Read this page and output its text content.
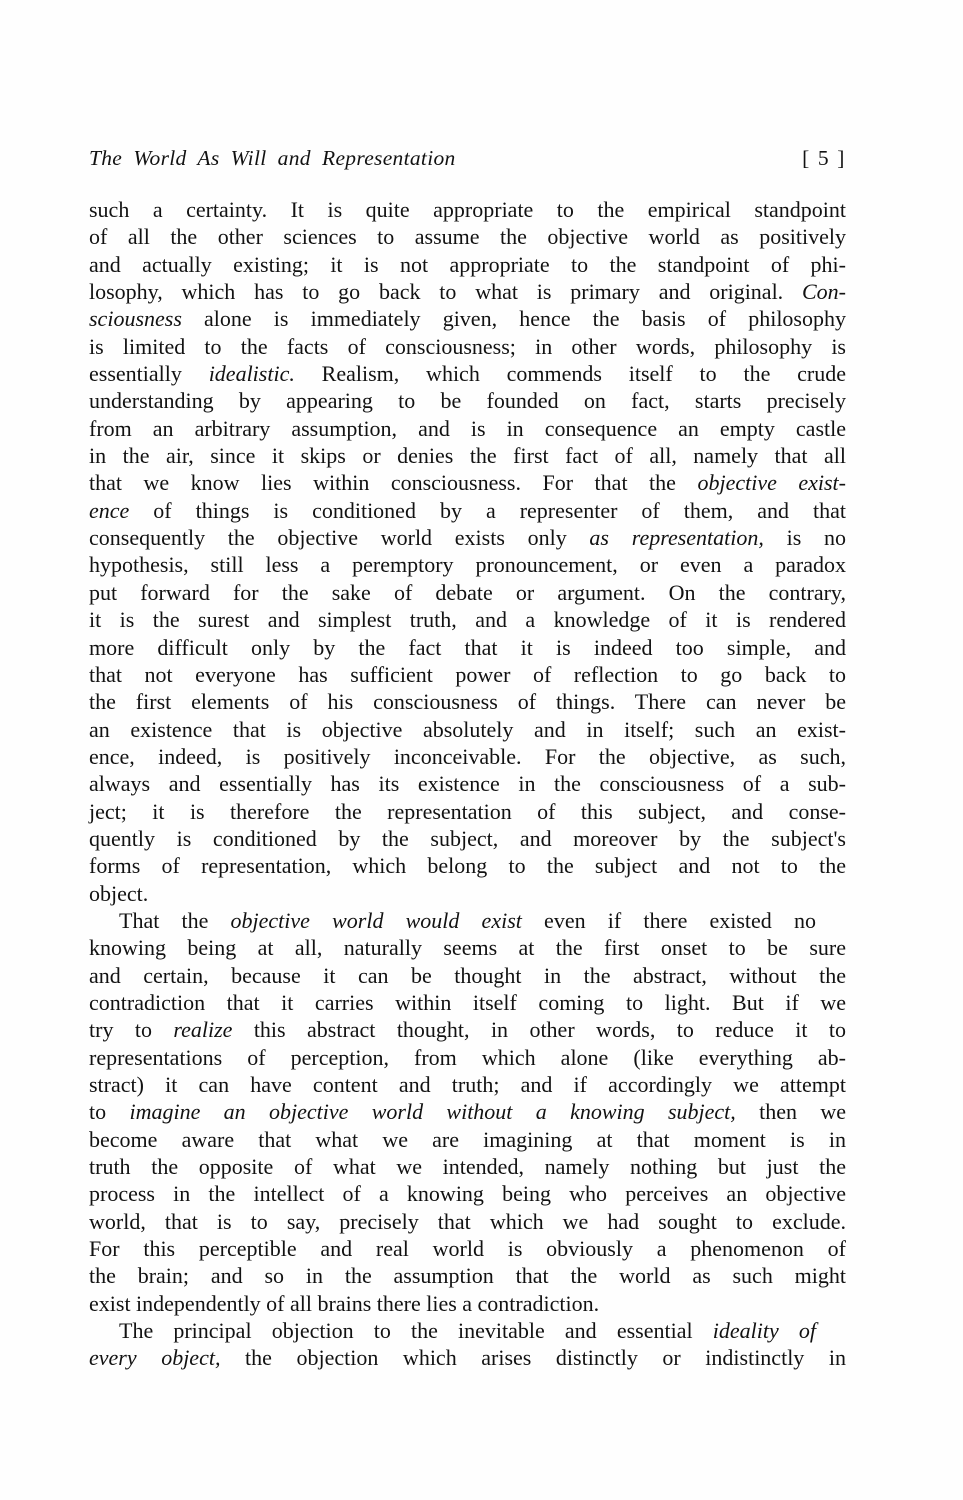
The World As Will and Representation	[ 5 ]
such a certainty. It is quite appropriate to the empirical standpoint
of all the other sciences to assume the objective world as positively
and actually existing; it is not appropriate to the standpoint of phi-
losophy, which has to go back to what is primary and original. Con-
sciousness alone is immediately given, hence the basis of philosophy
is limited to the facts of consciousness; in other words, philosophy is
essentially idealistic. Realism, which commends itself to the crude
understanding by appearing to be founded on fact, starts precisely
from an arbitrary assumption, and is in consequence an empty castle
in the air, since it skips or denies the first fact of all, namely that all
that we know lies within consciousness. For that the objective exist-
ence of things is conditioned by a representer of them, and that
consequently the objective world exists only as representation, is no
hypothesis, still less a peremptory pronouncement, or even a paradox
put forward for the sake of debate or argument. On the contrary,
it is the surest and simplest truth, and a knowledge of it is rendered
more difficult only by the fact that it is indeed too simple, and
that not everyone has sufficient power of reflection to go back to
the first elements of his consciousness of things. There can never be
an existence that is objective absolutely and in itself; such an exist-
ence, indeed, is positively inconceivable. For the objective, as such,
always and essentially has its existence in the consciousness of a sub-
ject; it is therefore the representation of this subject, and conse-
quently is conditioned by the subject, and moreover by the subject's
forms of representation, which belong to the subject and not to the
object.
That the objective world would exist even if there existed no
knowing being at all, naturally seems at the first onset to be sure
and certain, because it can be thought in the abstract, without the
contradiction that it carries within itself coming to light. But if we
try to realize this abstract thought, in other words, to reduce it to
representations of perception, from which alone (like everything ab-
stract) it can have content and truth; and if accordingly we attempt
to imagine an objective world without a knowing subject, then we
become aware that what we are imagining at that moment is in
truth the opposite of what we intended, namely nothing but just the
process in the intellect of a knowing being who perceives an objective
world, that is to say, precisely that which we had sought to exclude.
For this perceptible and real world is obviously a phenomenon of
the brain; and so in the assumption that the world as such might
exist independently of all brains there lies a contradiction.
The principal objection to the inevitable and essential ideality of
every object, the objection which arises distinctly or indistinctly in
